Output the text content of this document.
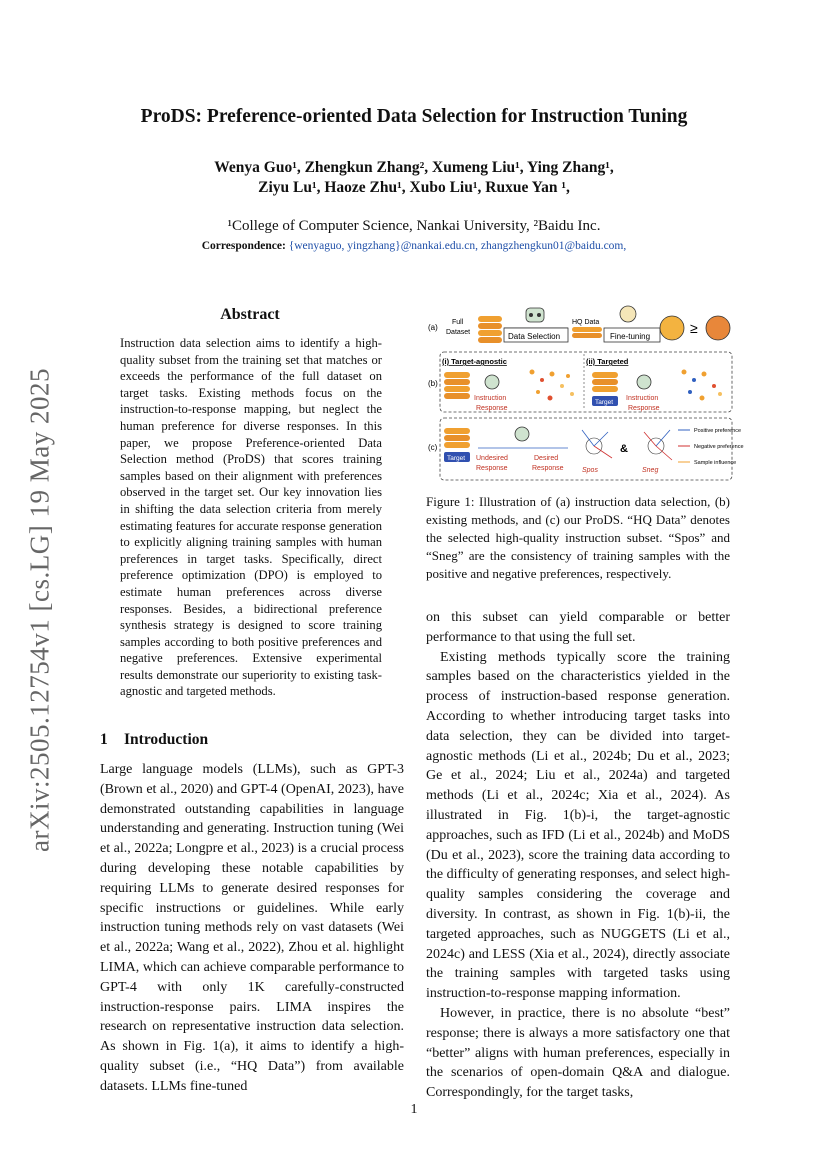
arXiv:2505.12754v1 [cs.LG] 19 May 2025
ProDS: Preference-oriented Data Selection for Instruction Tuning
Wenya Guo¹, Zhengkun Zhang², Xumeng Liu¹, Ying Zhang¹,
Ziyu Lu¹, Haoze Zhu¹, Xubo Liu¹, Ruxue Yan ¹,
¹College of Computer Science, Nankai University, ²Baidu Inc.
Correspondence: {wenyaguo, yingzhang}@nankai.edu.cn, zhangzhengkun01@baidu.com,
Abstract
Instruction data selection aims to identify a high-quality subset from the training set that matches or exceeds the performance of the full dataset on target tasks. Existing methods focus on the instruction-to-response mapping, but neglect the human preference for diverse responses. In this paper, we propose Preference-oriented Data Selection method (ProDS) that scores training samples based on their alignment with preferences observed in the target set. Our key innovation lies in shifting the data selection criteria from merely estimating features for accurate response generation to explicitly aligning training samples with human preferences in target tasks. Specifically, direct preference optimization (DPO) is employed to estimate human preferences across diverse responses. Besides, a bidirectional preference synthesis strategy is designed to score training samples according to both positive preferences and negative preferences. Extensive experimental results demonstrate our superiority to existing task-agnostic and targeted methods.
1 Introduction

Large language models (LLMs), such as GPT-3 (Brown et al., 2020) and GPT-4 (OpenAI, 2023), have demonstrated outstanding capabilities in language understanding and generating. Instruction tuning (Wei et al., 2022a; Longpre et al., 2023) is a crucial process during developing these notable capabilities by requiring LLMs to generate desired responses for specific instructions or guidelines. While early instruction tuning methods rely on vast datasets (Wei et al., 2022a; Wang et al., 2022), Zhou et al. highlight LIMA, which can achieve comparable performance to GPT-4 with only 1K carefully-constructed instruction-response pairs. LIMA inspires the research on representative instruction data selection. As shown in Fig. 1(a), it aims to identify a high-quality subset (i.e., “HQ Data”) from available datasets. LLMs fine-tuned

(a)
Full
Dataset	Data Selection
HQ Data
Fine-tuning
≥
(b)
(i) Target-agnostic	(ii) Targeted
Instruction
Response
Target
Instruction
Response
(c)
Target Undesired	Desired
Response	Response	Spos
&
Sneg
Positive preference
Negative preference
Sample influence
Figure 1: Illustration of (a) instruction data selection, (b) existing methods, and (c) our ProDS. “HQ Data” denotes the selected high-quality instruction subset. “Spos” and “Sneg” are the consistency of training samples with the positive and negative preferences, respectively.

on this subset can yield comparable or better performance to that using the full set.

Existing methods typically score the training samples based on the characteristics yielded in the process of instruction-based response generation. According to whether introducing target tasks into data selection, they can be divided into target-agnostic methods (Li et al., 2024b; Du et al., 2023; Ge et al., 2024; Liu et al., 2024a) and targeted methods (Li et al., 2024c; Xia et al., 2024). As illustrated in Fig. 1(b)-i, the target-agnostic approaches, such as IFD (Li et al., 2024b) and MoDS (Du et al., 2023), score the training data according to the difficulty of generating responses, and select high-quality samples considering the coverage and diversity. In contrast, as shown in Fig. 1(b)-ii, the targeted approaches, such as NUGGETS (Li et al., 2024c) and LESS (Xia et al., 2024), directly associate the training samples with targeted tasks using instruction-to-response mapping information.

However, in practice, there is no absolute “best” response; there is always a more satisfactory one that “better” aligns with human preferences, especially in the scenarios of open-domain Q&A and dialogue. Correspondingly, for the target tasks,

1
